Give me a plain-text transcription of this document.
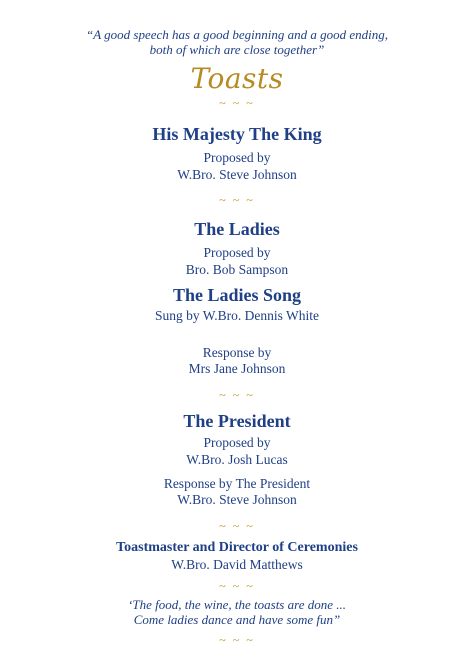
“A good speech has a good beginning and a good ending,
both of which are close together”
Toasts
~ ~ ~
His Majesty The King
Proposed by
W.Bro. Steve Johnson
~ ~ ~
The Ladies
Proposed by
Bro. Bob Sampson
The Ladies Song
Sung by W.Bro. Dennis White
Response by
Mrs Jane Johnson
~ ~ ~
The President
Proposed by
W.Bro. Josh Lucas
Response by The President
W.Bro. Steve Johnson
~ ~ ~
Toastmaster and Director of Ceremonies
W.Bro. David Matthews
~ ~ ~
‘The food, the wine, the toasts are done ...
Come ladies dance and have some fun”
~ ~ ~
